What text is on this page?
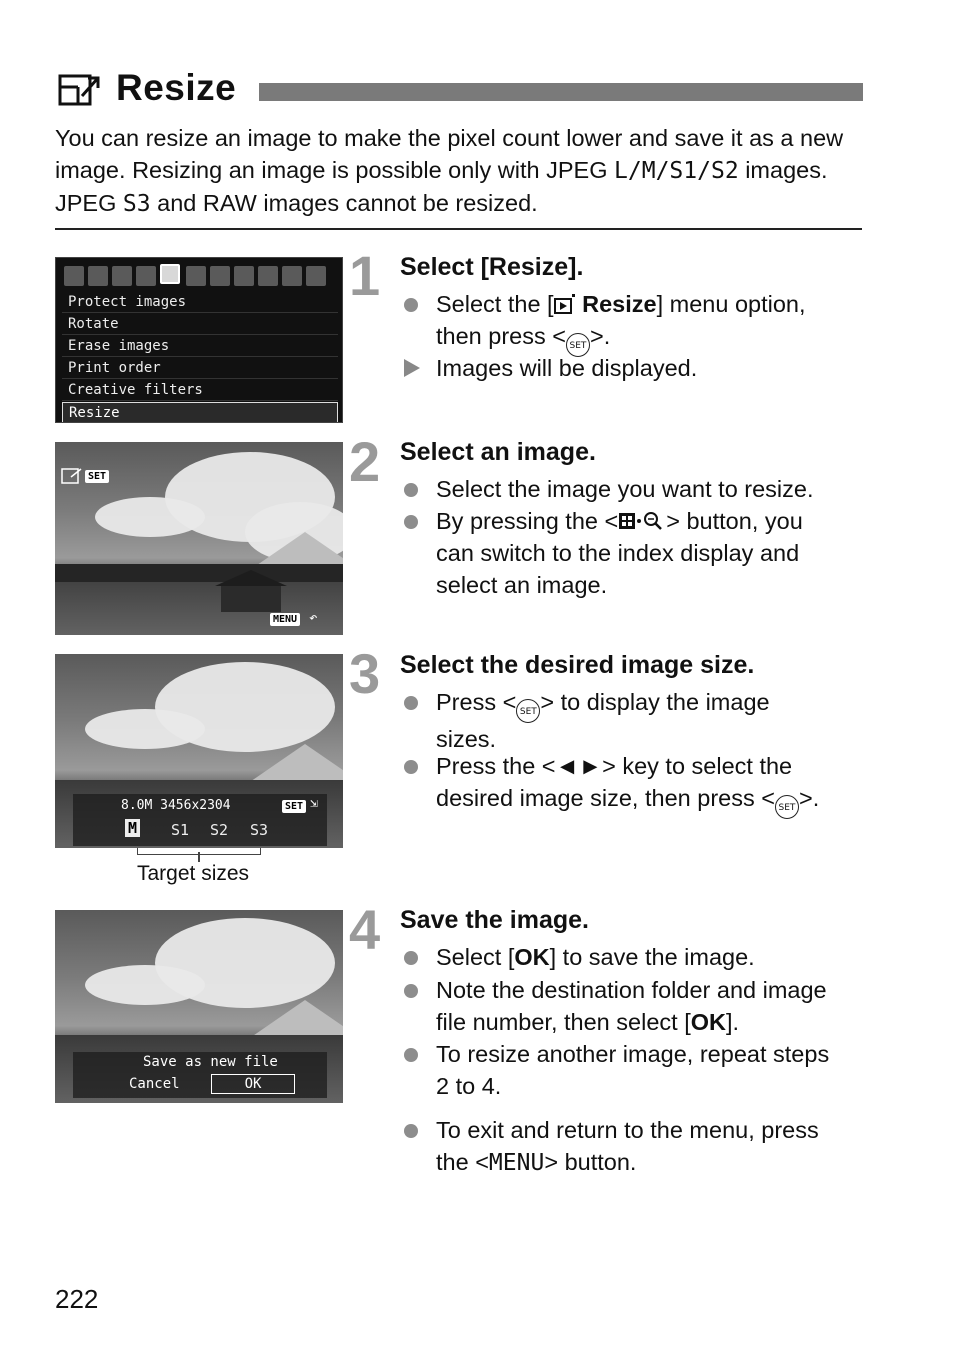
Resize

You can resize an image to make the pixel count lower and save it as a new image. Resizing an image is possible only with JPEG L/M/S1/S2 images. JPEG S3 and RAW images cannot be resized.

Protect images
Rotate
Erase images
Print order
Creative filters
Resize
SET
MENU ↶
8.0M 3456x2304	SET ⇲
M S1 S2 S3
Target sizes
Save as new file
Cancel	OK
1 Select [Resize].
Select the [ Resize] menu option,
then press < SET >.
Images will be displayed.
2 Select an image.
Select the image you want to resize.
By pressing the < > button, you
can switch to the index display and
select an image.
3 Select the desired image size.
Press < SET > to display the image
sizes.
Press the <◄►> key to select the
desired image size, then press < SET >.
4 Save the image.
Select [OK] to save the image.
Note the destination folder and image
file number, then select [OK].
To resize another image, repeat steps
2 to 4.
To exit and return to the menu, press
the <MENU> button.
222
